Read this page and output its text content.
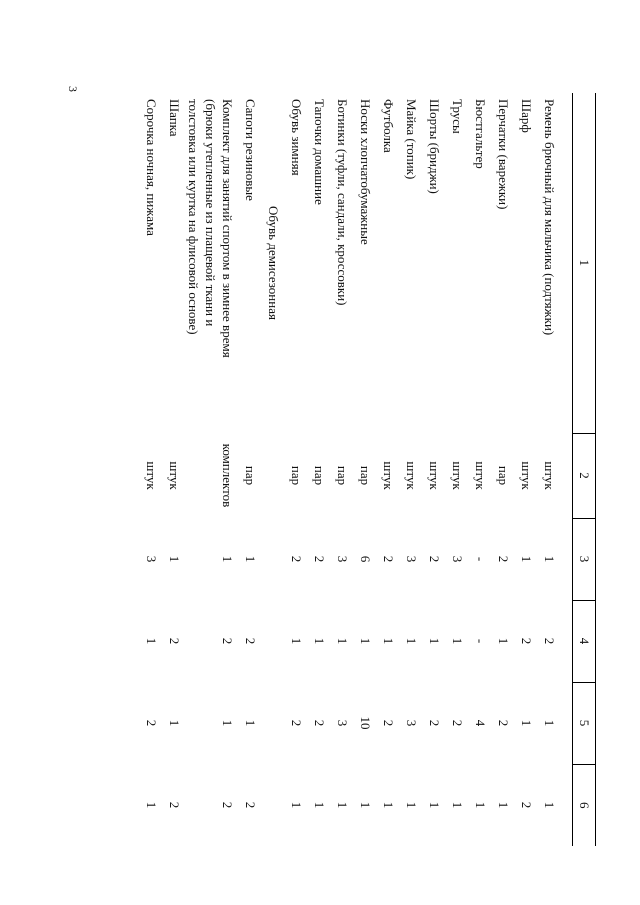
3
1	2	3	4	5	6

Ремень брючный для мальчика (подтяжки)	штук	1	2	1	1
Шарф	штук	1	2	1	2
Перчатки (варежки)	пар	2	1	2	1
Бюстгальтер	штук	-	-	4	1
Трусы	штук	3	1	2	1
Шорты (бриджи)	штук	2	1	2	1
Майка (топик)	штук	3	1	3	1
Футболка	штук	2	1	2	1
Носки хлопчатобумажные	пар	6	1	10	1
Ботинки (туфли, сандали, кроссовки)	пар	3	1	3	1
Тапочки домашние	пар	2	1	2	1
Обувь зимняя	пар	2	1	2	1
Обувь демисезонная					
Сапоги резиновые	пар	1	2	1	2

Комплект для занятий спортом в зимнее время
(брюки утепленные из плащевой ткани и
толстовка или куртка на флисовой основе)	комплектов	1	2	1	2
Шапка	штук	1	2	1	2
Сорочка ночная, пижама	штук	3	1	2	1
